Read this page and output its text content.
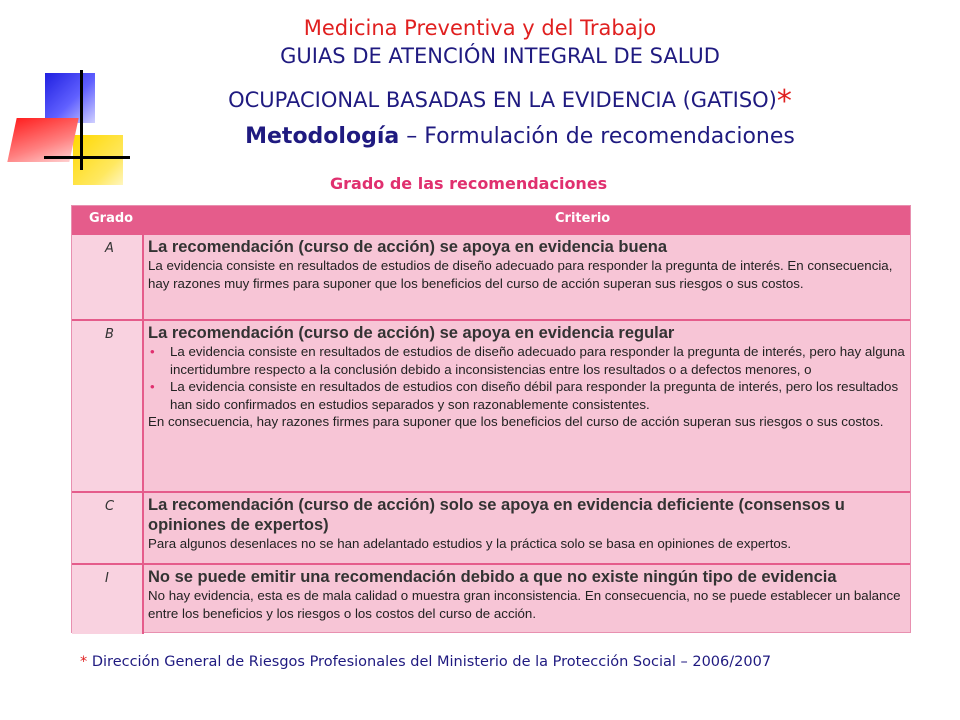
Medicina Preventiva y del Trabajo
GUIAS DE ATENCIÓN INTEGRAL DE SALUD
OCUPACIONAL BASADAS EN LA EVIDENCIA (GATISO)*
Metodología – Formulación de recomendaciones
Grado de las recomendaciones
Grado	Criterio
A La recomendación (curso de acción) se apoya en evidencia buena
La evidencia consiste en resultados de estudios de diseño adecuado para responder la pregunta de interés. En consecuencia, hay razones muy firmes para suponer que los beneficios del curso de acción superan sus riesgos o sus costos.
B La recomendación (curso de acción) se apoya en evidencia regular
• La evidencia consiste en resultados de estudios de diseño adecuado para responder la pregunta de interés, pero hay alguna incertidumbre respecto a la conclusión debido a inconsistencias entre los resultados o a defectos menores, o
• La evidencia consiste en resultados de estudios con diseño débil para responder la pregunta de interés, pero los resultados han sido confirmados en estudios separados y son razonablemente consistentes.
En consecuencia, hay razones firmes para suponer que los beneficios del curso de acción superan sus riesgos o sus costos.
C La recomendación (curso de acción) solo se apoya en evidencia deficiente (consensos u opiniones de expertos)
Para algunos desenlaces no se han adelantado estudios y la práctica solo se basa en opiniones de expertos.
I No se puede emitir una recomendación debido a que no existe ningún tipo de evidencia
No hay evidencia, esta es de mala calidad o muestra gran inconsistencia. En consecuencia, no se puede establecer un balance entre los beneficios y los riesgos o los costos del curso de acción.
* Dirección General de Riesgos Profesionales del Ministerio de la Protección Social – 2006/2007
